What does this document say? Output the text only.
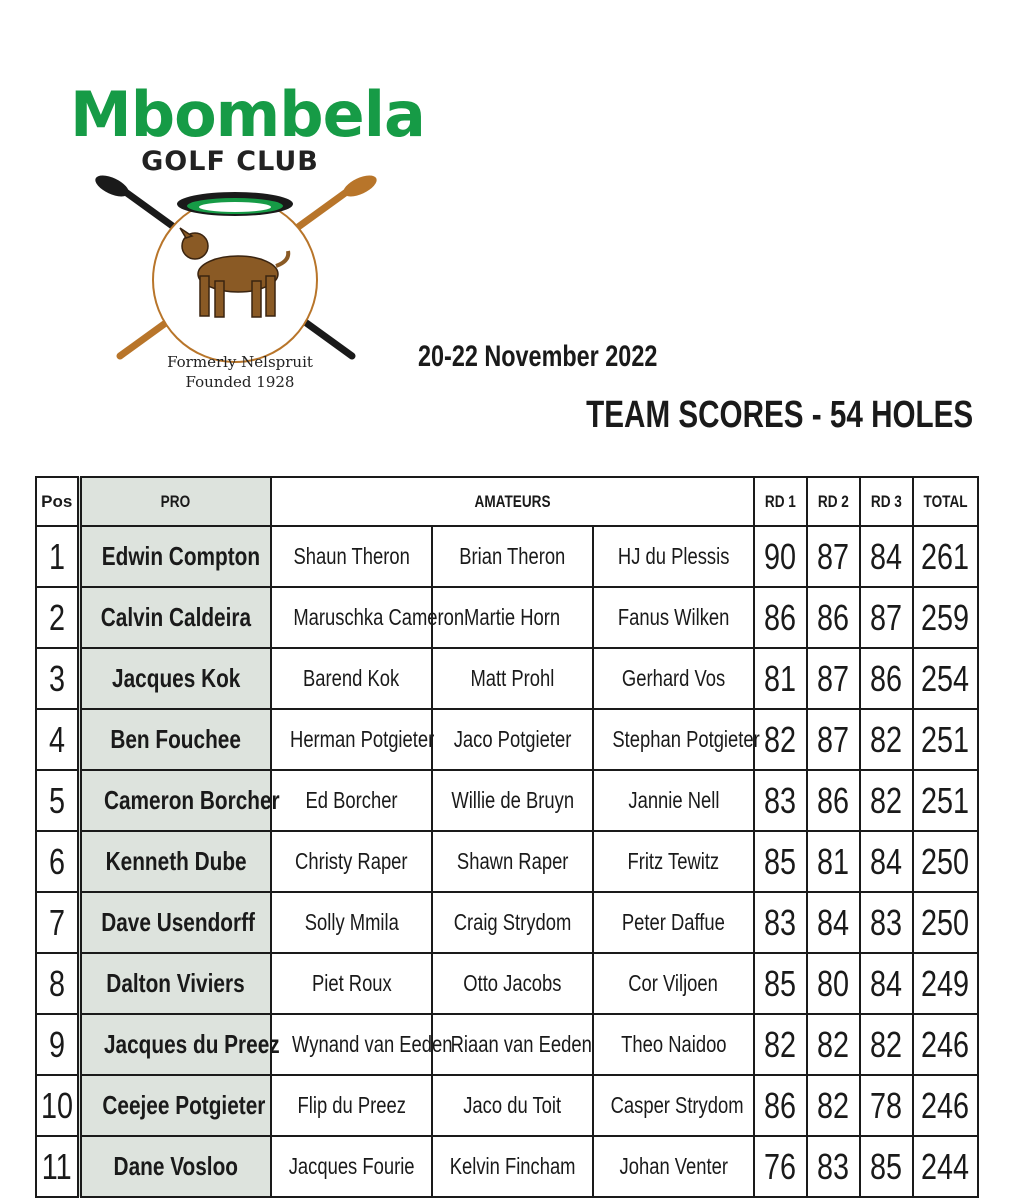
Mbombela
GOLF CLUB
Formerly Nelspruit
Founded 1928
20-22 November 2022
TEAM SCORES - 54 HOLES
Pos	PRO	AMATEURS			RD 1	RD 2	RD 3	TOTAL
1	Edwin Compton	Shaun Theron	Brian Theron	HJ du Plessis	90	87	84	261
2	Calvin Caldeira	Maruschka Cameron	Martie Horn	Fanus Wilken	86	86	87	259
3	Jacques Kok	Barend Kok	Matt Prohl	Gerhard Vos	81	87	86	254
4	Ben Fouchee	Herman Potgieter	Jaco Potgieter	Stephan Potgieter	82	87	82	251
5	Cameron Borcher	Ed Borcher	Willie de Bruyn	Jannie Nell	83	86	82	251
6	Kenneth Dube	Christy Raper	Shawn Raper	Fritz Tewitz	85	81	84	250
7	Dave Usendorff	Solly Mmila	Craig Strydom	Peter Daffue	83	84	83	250
8	Dalton Viviers	Piet Roux	Otto Jacobs	Cor Viljoen	85	80	84	249
9	Jacques du Preez	Wynand van Eeden	Riaan van Eeden	Theo Naidoo	82	82	82	246
10	Ceejee Potgieter	Flip du Preez	Jaco du Toit	Casper Strydom	86	82	78	246
11	Dane Vosloo	Jacques Fourie	Kelvin Fincham	Johan Venter	76	83	85	244
